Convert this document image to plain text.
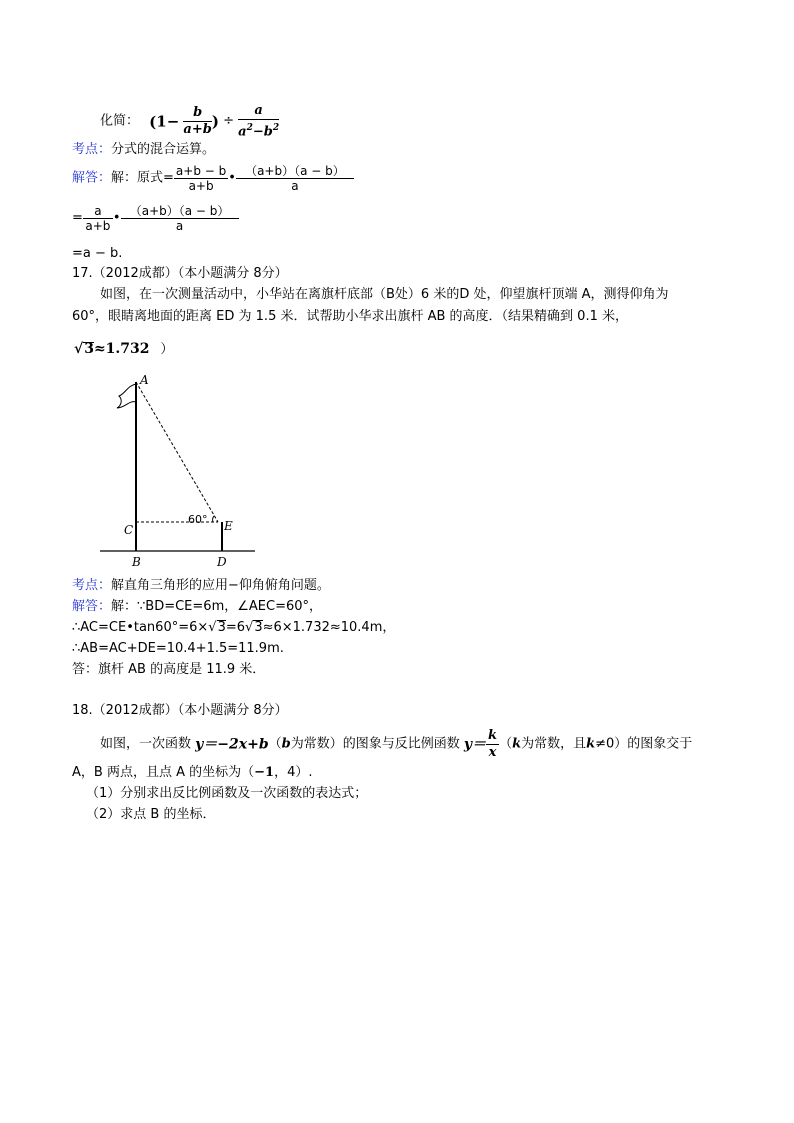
化简： ($1- \frac{b}{a+b}$ ) ÷ $\frac{a}{a^2-b^2}$
考点：分式的混合运算。
解答：解：原式= $\frac{a+b - b}{a+b}$ • $\frac{(a+b)(a - b)}{a}$
= $\frac{a}{a+b}$ • $\frac{(a+b)(a - b)}{a}$
=a − b.
17.（2012成都）（本小题满分 8分）
如图，在一次测量活动中，小华站在离旗杆底部（B处）6 米的D 处，仰望旗杆顶端 A，测得仰角为
60°，眼睛离地面的距离 ED 为 1.5 米．试帮助小华求出旗杆 AB 的高度．（结果精确到 0.1 米，
√3≈1.732 ）
A
C
B
E
D
60°
考点：解直角三角形的应用−仰角俯角问题。
解答：解：∵BD=CE=6m，∠AEC=60°，
∴AC=CE•tan60°=6×√3=6√3≈6×1.732≈10.4m，
∴AB=AC+DE=10.4+1.5=11.9m.
答：旗杆 AB 的高度是 11.9 米．
18.（2012成都）（本小题满分 8分）
如图，一次函数 y＝−2x+b（b为常数）的图象与反比例函数 $y= \frac{k}{x} (k$为常数，且k≠0）的图象交于
A，B 两点，且点 A 的坐标为（−1，4）.
（1）分别求出反比例函数及一次函数的表达式；
（2）求点 B 的坐标．
